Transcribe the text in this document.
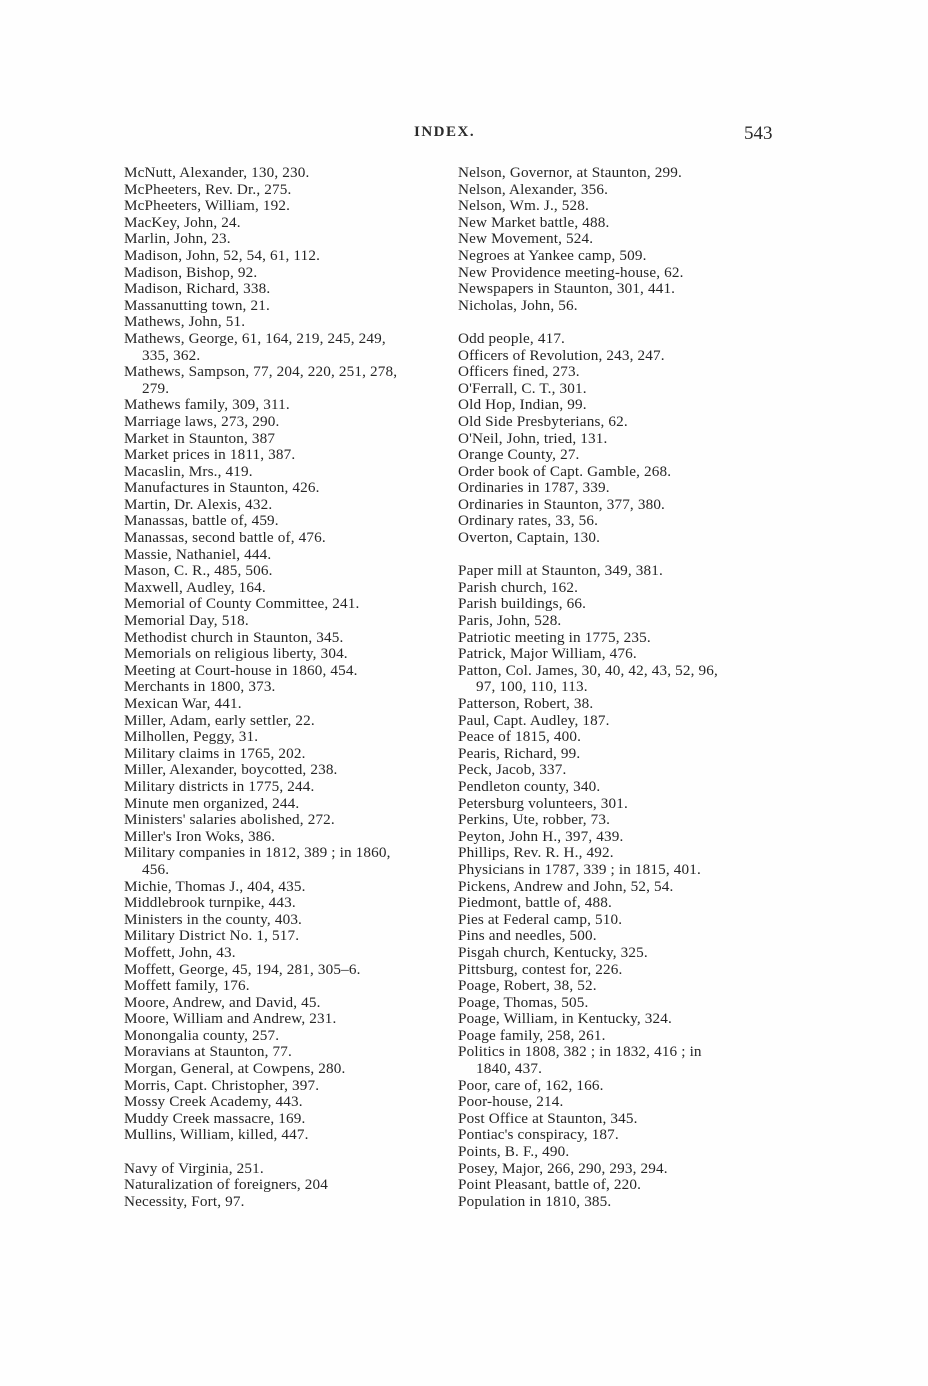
INDEX.	543
McNutt, Alexander, 130, 230.
McPheeters, Rev. Dr., 275.
McPheeters, William, 192.
MacKey, John, 24.
Marlin, John, 23.
Madison, John, 52, 54, 61, 112.
Madison, Bishop, 92.
Madison, Richard, 338.
Massanutting town, 21.
Mathews, John, 51.
Mathews, George, 61, 164, 219, 245, 249,
335, 362.
Mathews, Sampson, 77, 204, 220, 251, 278,
279.
Mathews family, 309, 311.
Marriage laws, 273, 290.
Market in Staunton, 387
Market prices in 1811, 387.
Macaslin, Mrs., 419.
Manufactures in Staunton, 426.
Martin, Dr. Alexis, 432.
Manassas, battle of, 459.
Manassas, second battle of, 476.
Massie, Nathaniel, 444.
Mason, C. R., 485, 506.
Maxwell, Audley, 164.
Memorial of County Committee, 241.
Memorial Day, 518.
Methodist church in Staunton, 345.
Memorials on religious liberty, 304.
Meeting at Court-house in 1860, 454.
Merchants in 1800, 373.
Mexican War, 441.
Miller, Adam, early settler, 22.
Milhollen, Peggy, 31.
Military claims in 1765, 202.
Miller, Alexander, boycotted, 238.
Military districts in 1775, 244.
Minute men organized, 244.
Ministers' salaries abolished, 272.
Miller's Iron Woks, 386.
Military companies in 1812, 389 ; in 1860,
456.
Michie, Thomas J., 404, 435.
Middlebrook turnpike, 443.
Ministers in the county, 403.
Military District No. 1, 517.
Moffett, John, 43.
Moffett, George, 45, 194, 281, 305–6.
Moffett family, 176.
Moore, Andrew, and David, 45.
Moore, William and Andrew, 231.
Monongalia county, 257.
Moravians at Staunton, 77.
Morgan, General, at Cowpens, 280.
Morris, Capt. Christopher, 397.
Mossy Creek Academy, 443.
Muddy Creek massacre, 169.
Mullins, William, killed, 447.
Navy of Virginia, 251.
Naturalization of foreigners, 204
Necessity, Fort, 97.
Nelson, Governor, at Staunton, 299.
Nelson, Alexander, 356.
Nelson, Wm. J., 528.
New Market battle, 488.
New Movement, 524.
Negroes at Yankee camp, 509.
New Providence meeting-house, 62.
Newspapers in Staunton, 301, 441.
Nicholas, John, 56.
Odd people, 417.
Officers of Revolution, 243, 247.
Officers fined, 273.
O'Ferrall, C. T., 301.
Old Hop, Indian, 99.
Old Side Presbyterians, 62.
O'Neil, John, tried, 131.
Orange County, 27.
Order book of Capt. Gamble, 268.
Ordinaries in 1787, 339.
Ordinaries in Staunton, 377, 380.
Ordinary rates, 33, 56.
Overton, Captain, 130.
Paper mill at Staunton, 349, 381.
Parish church, 162.
Parish buildings, 66.
Paris, John, 528.
Patriotic meeting in 1775, 235.
Patrick, Major William, 476.
Patton, Col. James, 30, 40, 42, 43, 52, 96,
97, 100, 110, 113.
Patterson, Robert, 38.
Paul, Capt. Audley, 187.
Peace of 1815, 400.
Pearis, Richard, 99.
Peck, Jacob, 337.
Pendleton county, 340.
Petersburg volunteers, 301.
Perkins, Ute, robber, 73.
Peyton, John H., 397, 439.
Phillips, Rev. R. H., 492.
Physicians in 1787, 339 ; in 1815, 401.
Pickens, Andrew and John, 52, 54.
Piedmont, battle of, 488.
Pies at Federal camp, 510.
Pins and needles, 500.
Pisgah church, Kentucky, 325.
Pittsburg, contest for, 226.
Poage, Robert, 38, 52.
Poage, Thomas, 505.
Poage, William, in Kentucky, 324.
Poage family, 258, 261.
Politics in 1808, 382 ; in 1832, 416 ; in
1840, 437.
Poor, care of, 162, 166.
Poor-house, 214.
Post Office at Staunton, 345.
Pontiac's conspiracy, 187.
Points, B. F., 490.
Posey, Major, 266, 290, 293, 294.
Point Pleasant, battle of, 220.
Population in 1810, 385.
